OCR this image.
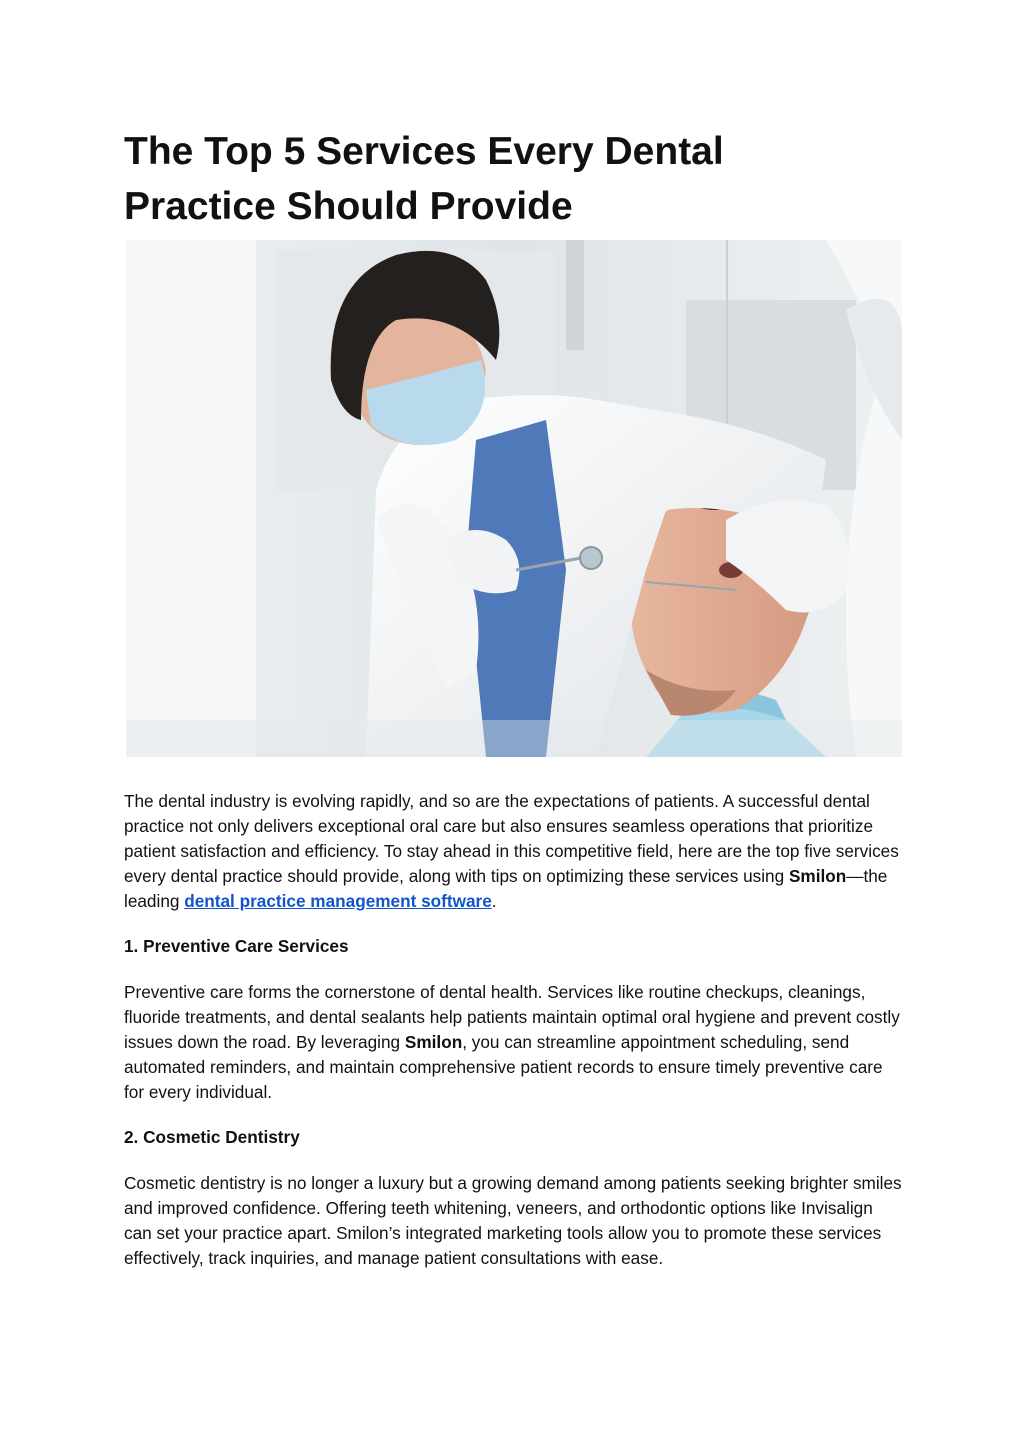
The Top 5 Services Every Dental
Practice Should Provide

The dental industry is evolving rapidly, and so are the expectations of patients. A successful dental practice not only delivers exceptional oral care but also ensures seamless operations that prioritize patient satisfaction and efficiency. To stay ahead in this competitive field, here are the top five services every dental practice should provide, along with tips on optimizing these services using Smilon—the leading dental practice management software.

1. Preventive Care Services

Preventive care forms the cornerstone of dental health. Services like routine checkups, cleanings, fluoride treatments, and dental sealants help patients maintain optimal oral hygiene and prevent costly issues down the road. By leveraging Smilon, you can streamline appointment scheduling, send automated reminders, and maintain comprehensive patient records to ensure timely preventive care for every individual.

2. Cosmetic Dentistry

Cosmetic dentistry is no longer a luxury but a growing demand among patients seeking brighter smiles and improved confidence. Offering teeth whitening, veneers, and orthodontic options like Invisalign can set your practice apart. Smilon’s integrated marketing tools allow you to promote these services effectively, track inquiries, and manage patient consultations with ease.
